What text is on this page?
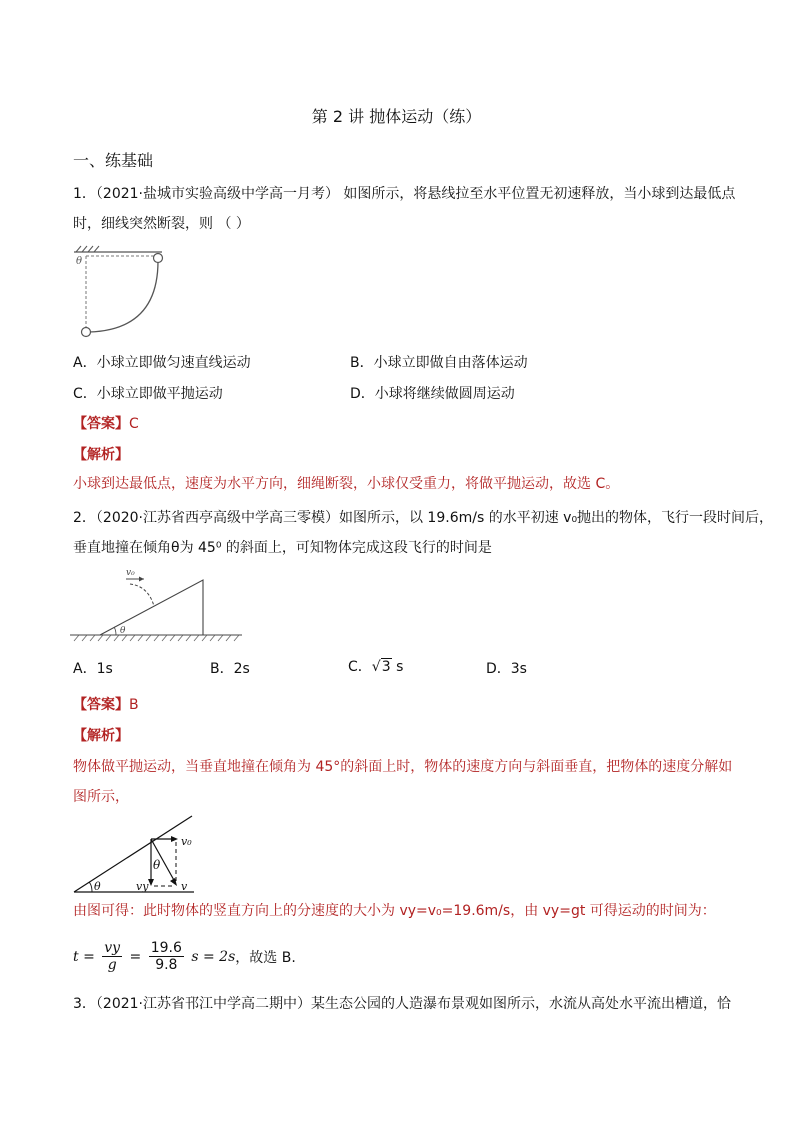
第 2 讲 抛体运动（练）
一、练基础
1．（2021·盐城市实验高级中学高一月考） 如图所示，将悬线拉至水平位置无初速释放，当小球到达最低点
时，细线突然断裂，则 （ ）
θ
A．小球立即做匀速直线运动	B．小球立即做自由落体运动
C．小球立即做平抛运动	D．小球将继续做圆周运动
【答案】C
【解析】
小球到达最低点，速度为水平方向，细绳断裂，小球仅受重力，将做平抛运动，故选 C。
2．（2020·江苏省西亭高级中学高三零模）如图所示，以 19.6m/s 的水平初速 v₀抛出的物体，飞行一段时间后，
垂直地撞在倾角θ为 45⁰ 的斜面上，可知物体完成这段飞行的时间是
v₀
θ
A．1s	B．2s	C．√3 s	D．3s
【答案】B
【解析】
物体做平抛运动，当垂直地撞在倾角为 45°的斜面上时，物体的速度方向与斜面垂直，把物体的速度分解如
图所示，
θ
v₀
θ
vy	v
由图可得：此时物体的竖直方向上的分速度的大小为 vy=v₀=19.6m/s，由 vy=gt 可得运动的时间为：
$t = \frac{vy}{g} = \frac{19.6}{9.8}$ s = 2s，故选 B.
3．（2021·江苏省邗江中学高二期中）某生态公园的人造瀑布景观如图所示，水流从高处水平流出槽道，恰
